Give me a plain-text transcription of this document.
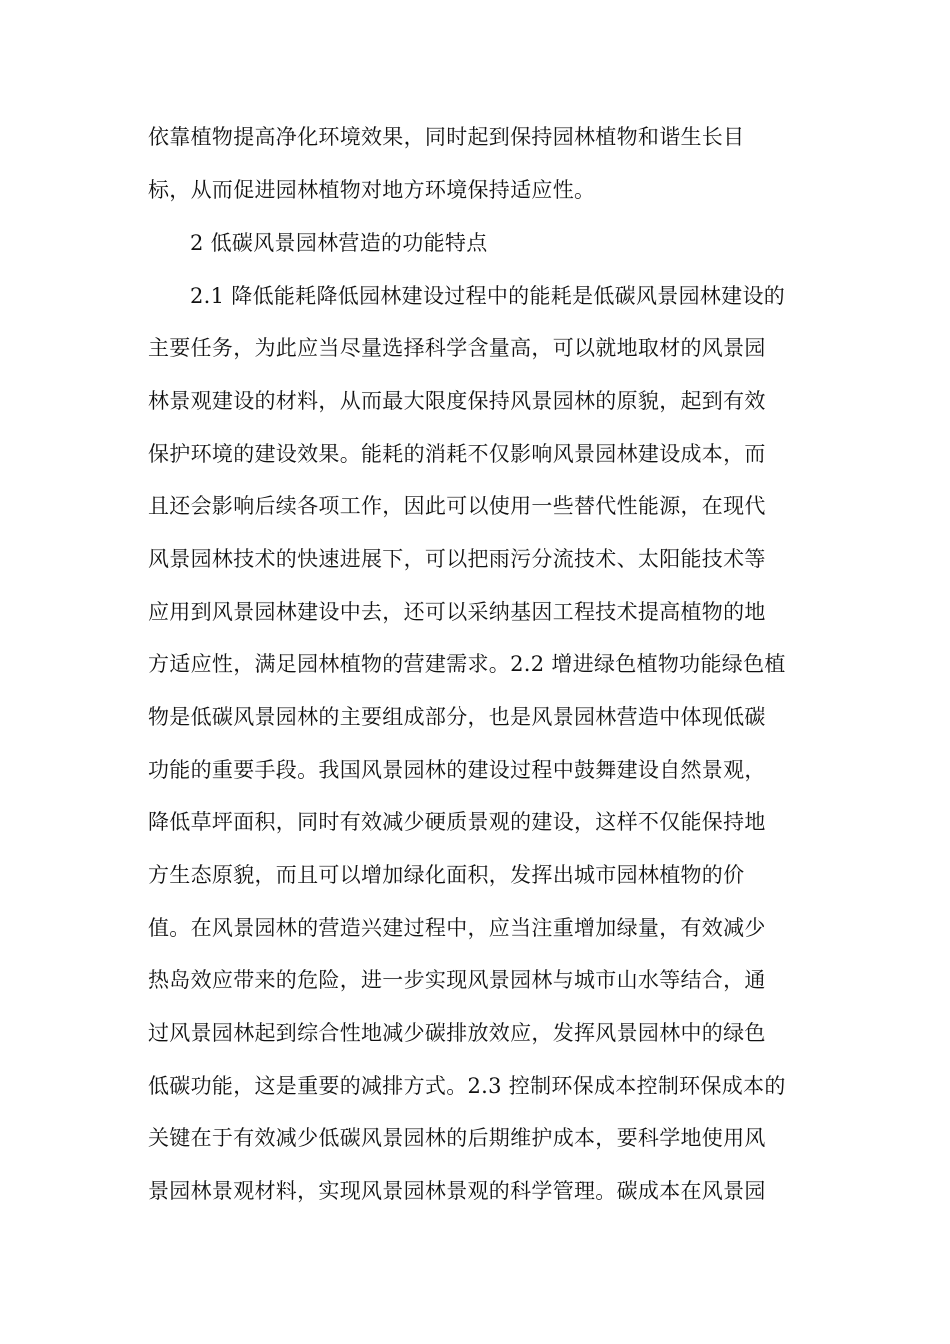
依靠植物提高净化环境效果，同时起到保持园林植物和谐生长目
标，从而促进园林植物对地方环境保持适应性。
2 低碳风景园林营造的功能特点
2.1 降低能耗降低园林建设过程中的能耗是低碳风景园林建设的
主要任务，为此应当尽量选择科学含量高，可以就地取材的风景园
林景观建设的材料，从而最大限度保持风景园林的原貌，起到有效
保护环境的建设效果。能耗的消耗不仅影响风景园林建设成本，而
且还会影响后续各项工作，因此可以使用一些替代性能源，在现代
风景园林技术的快速进展下，可以把雨污分流技术、太阳能技术等
应用到风景园林建设中去，还可以采纳基因工程技术提高植物的地
方适应性，满足园林植物的营建需求。2.2 增进绿色植物功能绿色植
物是低碳风景园林的主要组成部分，也是风景园林营造中体现低碳
功能的重要手段。我国风景园林的建设过程中鼓舞建设自然景观，
降低草坪面积，同时有效减少硬质景观的建设，这样不仅能保持地
方生态原貌，而且可以增加绿化面积，发挥出城市园林植物的价
值。在风景园林的营造兴建过程中，应当注重增加绿量，有效减少
热岛效应带来的危险，进一步实现风景园林与城市山水等结合，通
过风景园林起到综合性地减少碳排放效应，发挥风景园林中的绿色
低碳功能，这是重要的减排方式。2.3 控制环保成本控制环保成本的
关键在于有效减少低碳风景园林的后期维护成本，要科学地使用风
景园林景观材料，实现风景园林景观的科学管理。碳成本在风景园
